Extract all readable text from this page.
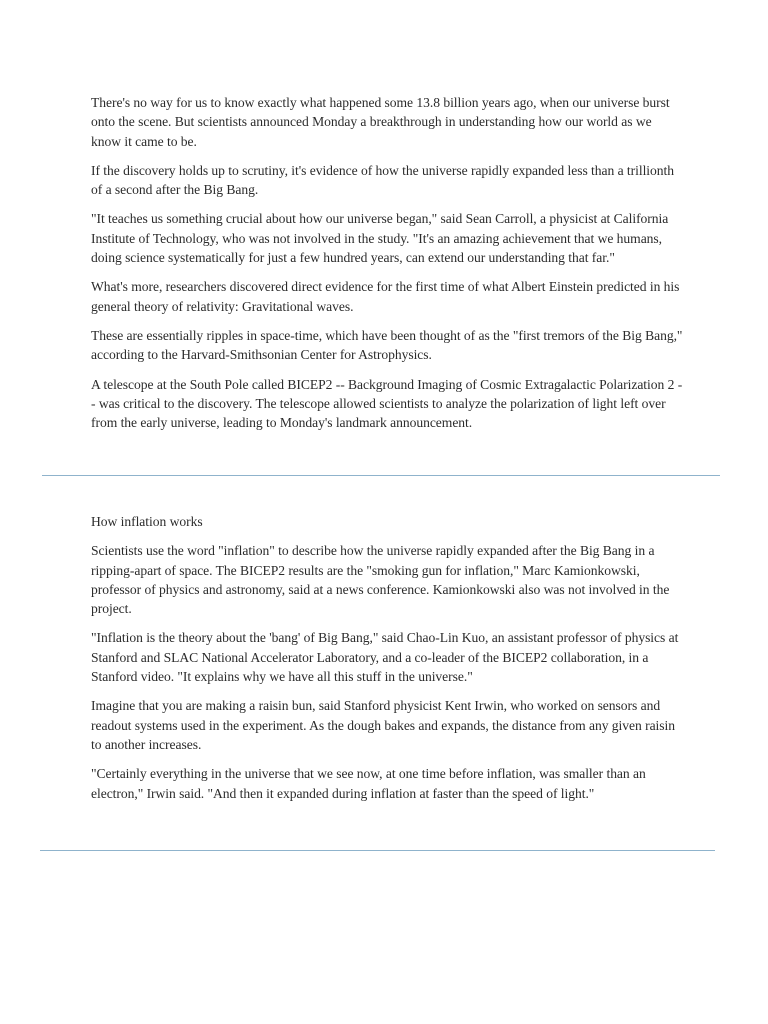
There's no way for us to know exactly what happened some 13.8 billion years ago, when our universe burst onto the scene. But scientists announced Monday a breakthrough in understanding how our world as we know it came to be.

If the discovery holds up to scrutiny, it's evidence of how the universe rapidly expanded less than a trillionth of a second after the Big Bang.

"It teaches us something crucial about how our universe began," said Sean Carroll, a physicist at California Institute of Technology, who was not involved in the study. "It's an amazing achievement that we humans, doing science systematically for just a few hundred years, can extend our understanding that far."

What's more, researchers discovered direct evidence for the first time of what Albert Einstein predicted in his general theory of relativity: Gravitational waves.

These are essentially ripples in space-time, which have been thought of as the "first tremors of the Big Bang," according to the Harvard-Smithsonian Center for Astrophysics.

A telescope at the South Pole called BICEP2 -- Background Imaging of Cosmic Extragalactic Polarization 2 -- was critical to the discovery. The telescope allowed scientists to analyze the polarization of light left over from the early universe, leading to Monday's landmark announcement.

How inflation works

Scientists use the word "inflation" to describe how the universe rapidly expanded after the Big Bang in a ripping-apart of space. The BICEP2 results are the "smoking gun for inflation," Marc Kamionkowski, professor of physics and astronomy, said at a news conference. Kamionkowski also was not involved in the project.

"Inflation is the theory about the 'bang' of Big Bang," said Chao-Lin Kuo, an assistant professor of physics at Stanford and SLAC National Accelerator Laboratory, and a co-leader of the BICEP2 collaboration, in a Stanford video. "It explains why we have all this stuff in the universe."

Imagine that you are making a raisin bun, said Stanford physicist Kent Irwin, who worked on sensors and readout systems used in the experiment. As the dough bakes and expands, the distance from any given raisin to another increases.

"Certainly everything in the universe that we see now, at one time before inflation, was smaller than an electron," Irwin said. "And then it expanded during inflation at faster than the speed of light."
